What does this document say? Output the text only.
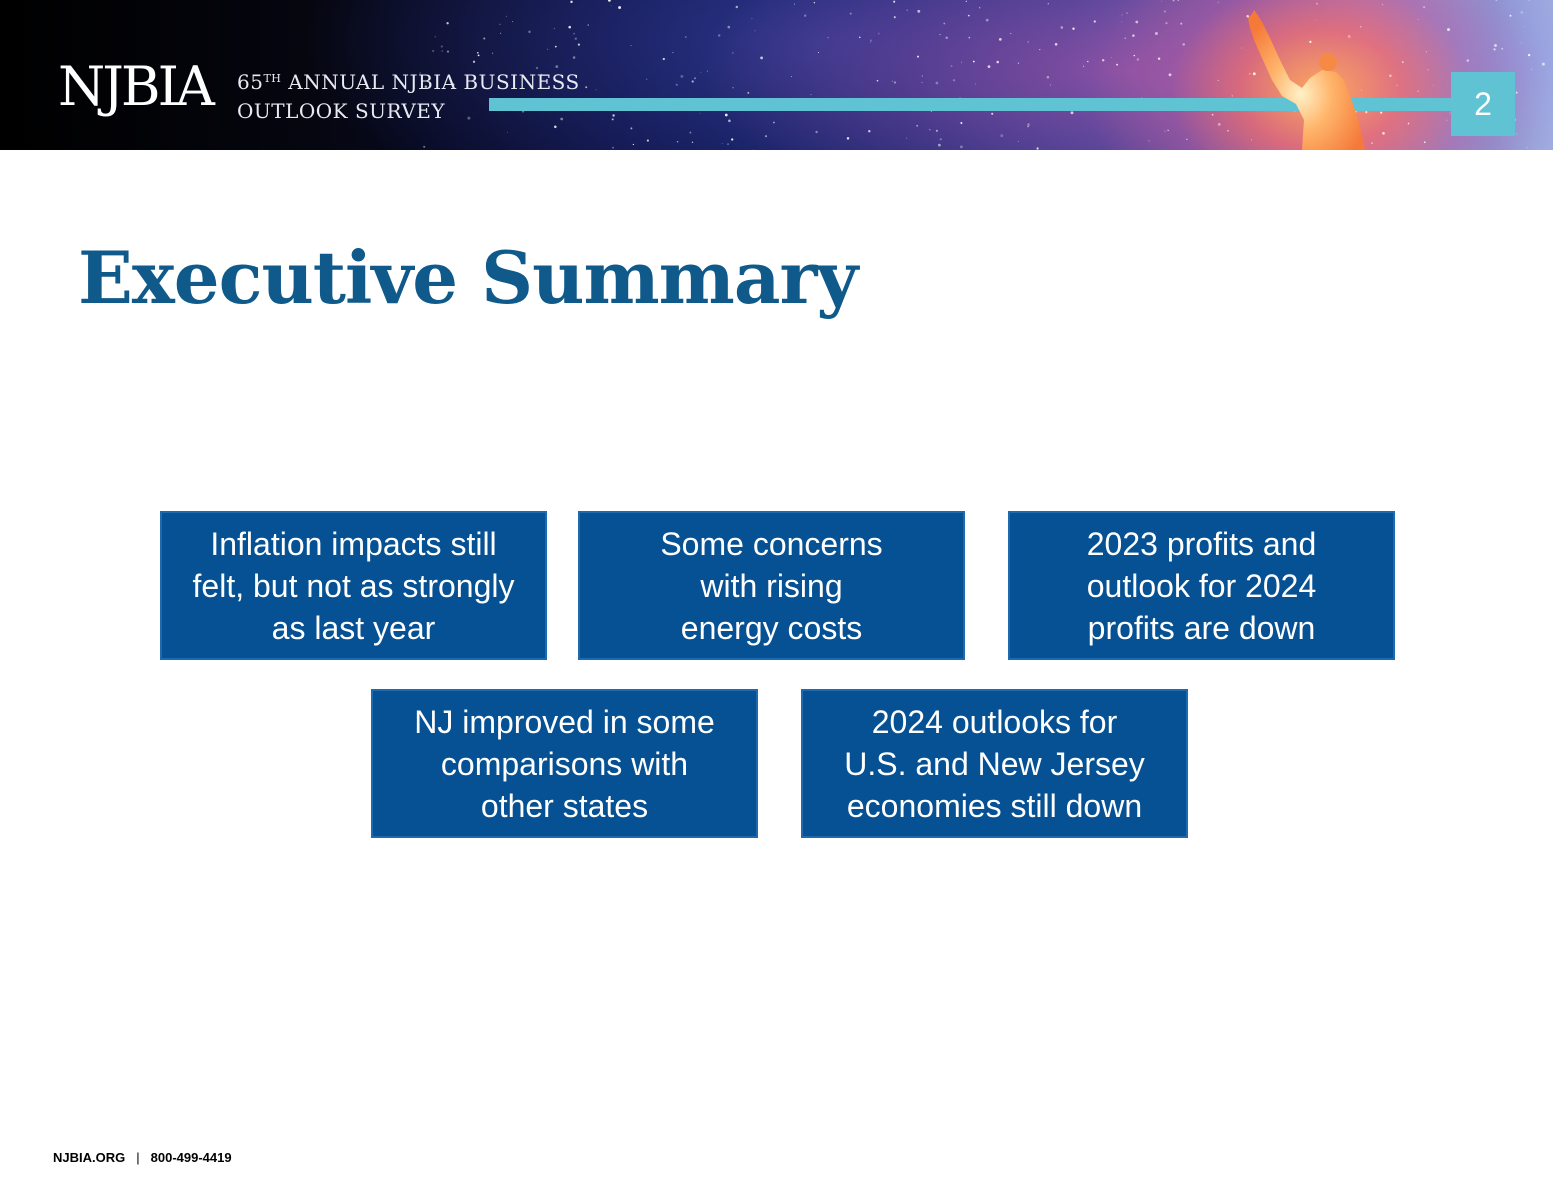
NJBIA 65TH ANNUAL NJBIA BUSINESS
OUTLOOK SURVEY	2
Executive Summary
Inflation impacts still
felt, but not as strongly
as last year
Some concerns
with rising
energy costs
2023 profits and
outlook for 2024
profits are down
NJ improved in some
comparisons with
other states
2024 outlooks for
U.S. and New Jersey
economies still down
NJBIA.ORG | 800-499-4419
